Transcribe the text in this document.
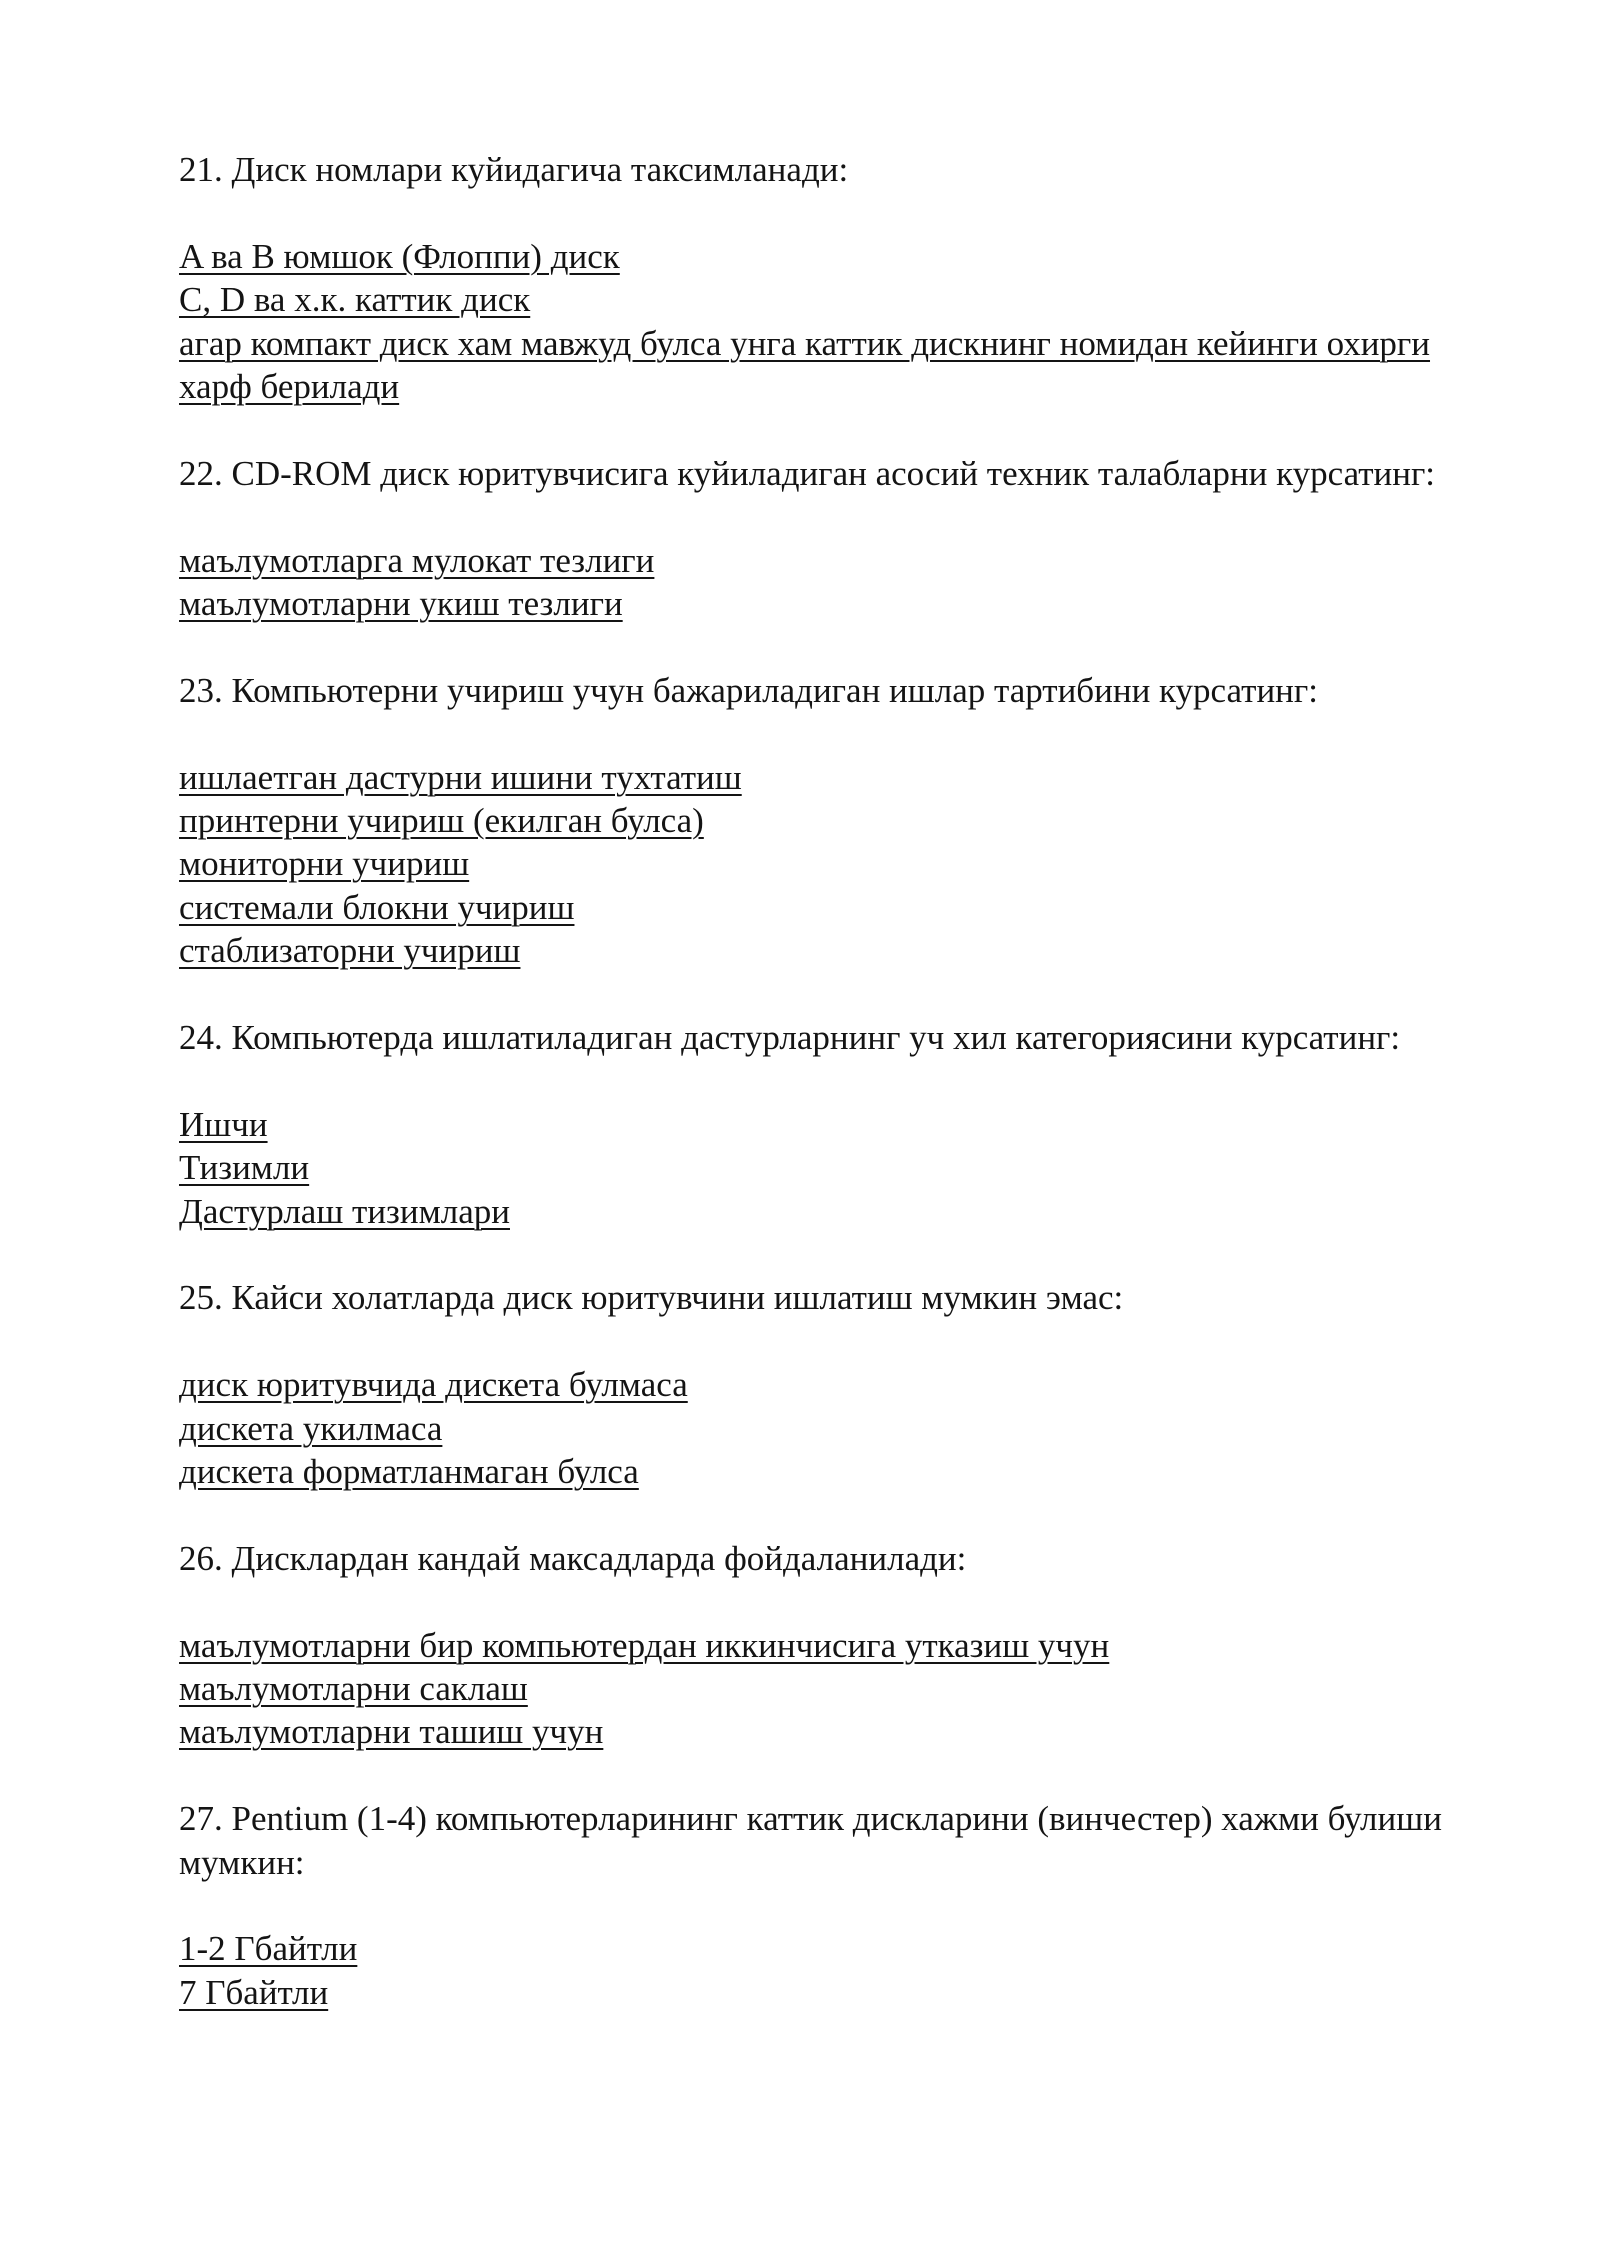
21. Диск номлари куйидагича таксимланади:

A ва B юмшок (Флоппи) диск
C, D ва х.к. каттик диск
агар компакт диск хам мавжуд булса унга каттик дискнинг номидан кейинги охирги харф берилади

22. CD-ROM диск юритувчисига куйиладиган асосий техник талабларни курсатинг:

маълумотларга мулокат тезлиги
маълумотларни укиш тезлиги

23. Компьютерни учириш учун бажариладиган ишлар тартибини курсатинг:

ишлаетган дастурни ишини тухтатиш
принтерни учириш (екилган булса)
мониторни учириш
системали блокни учириш
стаблизаторни учириш

24. Компьютерда ишлатиладиган дастурларнинг уч хил категориясини курсатинг:

Ишчи
Тизимли
Дастурлаш тизимлари

25. Кайси холатларда диск юритувчини ишлатиш мумкин эмас:

диск юритувчида дискета булмаса
дискета укилмаса
дискета форматланмаган булса

26. Дисклардан кандай максадларда фойдаланилади:

маълумотларни бир компьютердан иккинчисига утказиш учун
маълумотларни саклаш
маълумотларни ташиш учун

27. Pentium (1-4) компьютерларининг каттик дискларини (винчестер) хажми булиши мумкин:

1-2 Гбайтли
7 Гбайтли
